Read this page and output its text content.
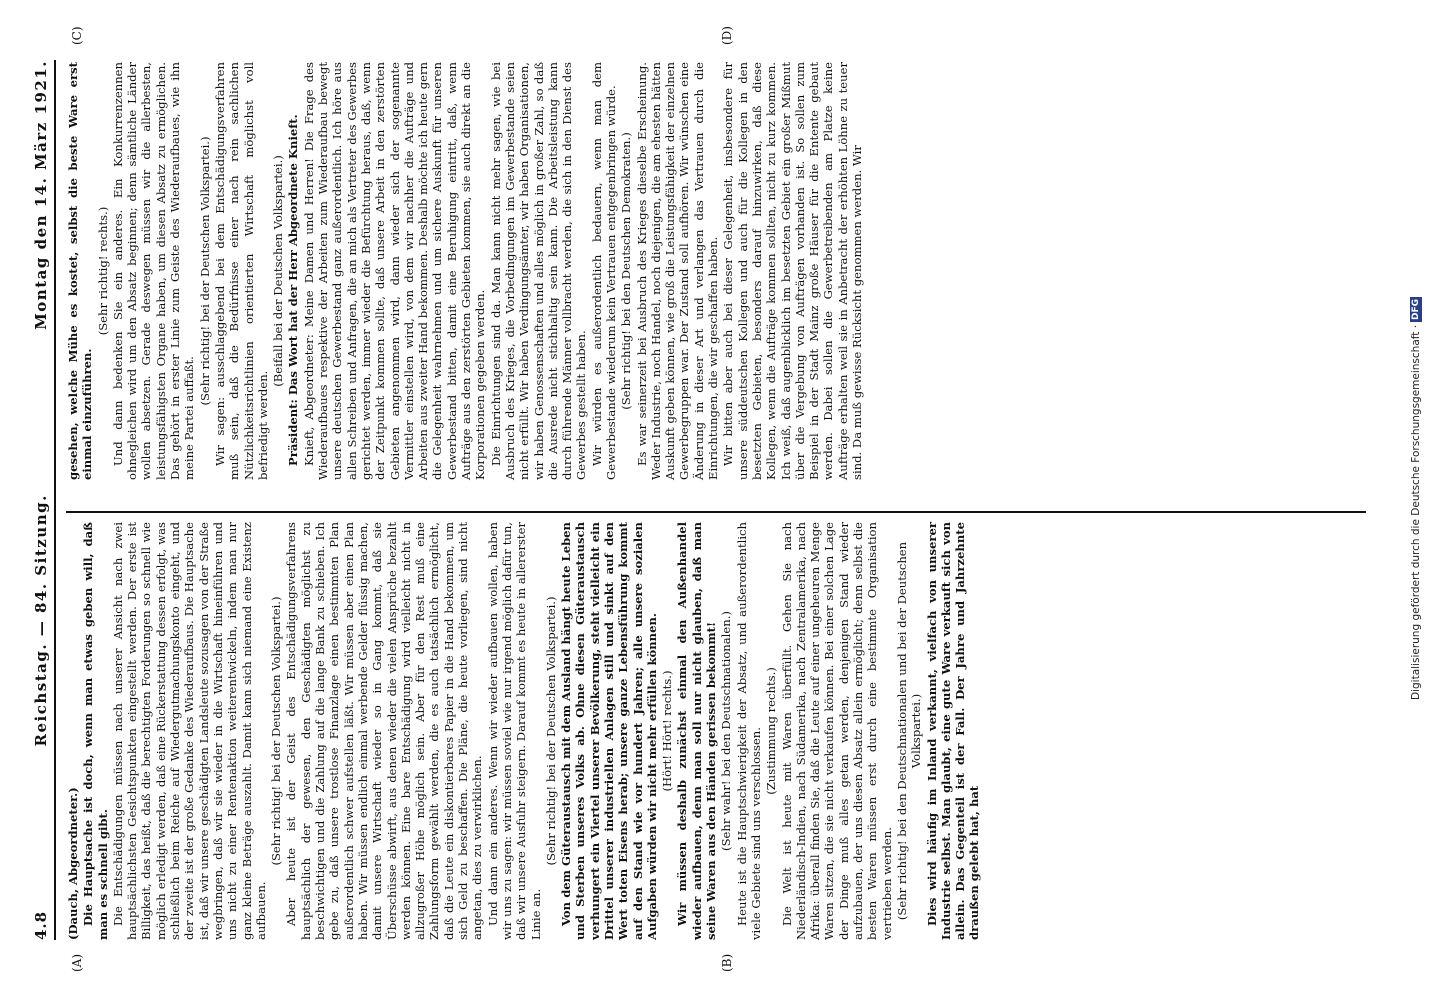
Digitalisierung gefördert durch die Deutsche Forschungsgemeinschaft · DFG
4.8
Reichstag. — 84. Sitzung.
Montag den 14. März 1921.
(A)	(B)
(C)	(D)

(Dauch, Abgeordneter.) Die Hauptsache ist doch, wenn man etwas geben will, daß man es schnell gibt. Die Entschädigungen müssen nach unserer Ansicht nach zwei hauptsächlichsten Gesichtspunkten eingestellt werden. Der erste ist Billigkeit, das heißt, daß die berechtigten Forderungen so schnell wie möglich erledigt werden, daß eine Rückerstattung dessen erfolgt, was schließlich beim Reiche auf Wiedergutmachungskonto eingeht, und der zweite ist der große Gedanke des Wiederaufbaus. Die Hauptsache ist, daß wir unsere geschädigten Landsleute sozusagen von der Straße wegbringen, daß wir sie wieder in die Wirtschaft hineinführen und uns nicht zu einer Rentenaktion weiterentwickeln, indem man nur ganz kleine Beträge auszahlt. Damit kann sich niemand eine Existenz aufbauen.

(Sehr richtig! bei der Deutschen Volkspartei.) Aber heute ist der Geist des Entschädigungsverfahrens hauptsächlich der gewesen, den Geschädigten möglichst zu beschwichtigen und die Zahlung auf die lange Bank zu schieben. Ich gebe zu, daß unsere trostlose Finanzlage einen bestimmten Plan außerordentlich schwer aufstellen läßt. Wir müssen aber einen Plan haben. Wir müssen endlich einmal werbende Gelder flüssig machen, damit unsere Wirtschaft wieder so in Gang kommt, daß sie Überschüsse abwirft, aus denen wieder die vielen Ansprüche bezahlt werden können. Eine bare Entschädigung wird vielleicht nicht in allzugroßer Höhe möglich sein. Aber für den Rest muß eine Zahlungsform gewählt werden, die es auch tatsächlich ermöglicht, daß die Leute ein diskontierbares Papier in die Hand bekommen, um sich Geld zu beschaffen. Die Pläne, die heute vorliegen, sind nicht angetan, dies zu verwirklichen. Und dann ein anderes. Wenn wir wieder aufbauen wollen, haben wir uns zu sagen: wir müssen soviel wie nur irgend möglich dafür tun, daß wir unsere Ausfuhr steigern. Darauf kommt es heute in allererster Linie an.

(Sehr richtig! bei der Deutschen Volkspartei.) Von dem Güteraustausch mit dem Ausland hängt heute Leben und Sterben unseres Volks ab. Ohne diesen Güteraustausch verhungert ein Viertel unserer Bevölkerung, steht vielleicht ein Drittel unserer industriellen Anlagen still und sinkt auf den Wert toten Eisens herab; unsere ganze Lebensführung kommt auf den Stand wie vor hundert Jahren; alle unsere sozialen Aufgaben würden wir nicht mehr erfüllen können. (Hört! Hört! rechts.) Wir müssen deshalb zunächst einmal den Außenhandel wieder aufbauen, denn man soll nur nicht glauben, daß man seine Waren aus den Händen gerissen bekommt! (Sehr wahr! bei den Deutschnationalen.) Heute ist die Hauptschwierigkeit der Absatz, und außerordentlich viele Gebiete sind uns verschlossen. (Zustimmung rechts.) Die Welt ist heute mit Waren überfüllt. Gehen Sie nach Niederländisch-Indien, nach Südamerika, nach Zentralamerika, nach Afrika: überall finden Sie, daß die Leute auf einer ungeheuren Menge Waren sitzen, die sie nicht verkaufen können. Bei einer solchen Lage der Dinge muß alles getan werden, denjenigen Stand wieder aufzubauen, der uns diesen Absatz allein ermöglicht; denn selbst die besten Waren müssen erst durch eine bestimmte Organisation vertrieben werden. (Sehr richtig! bei den Deutschnationalen und bei der Deutschen Volkspartei.) Dies wird häufig im Inland verkannt, vielfach von unserer Industrie selbst. Man glaubt, eine gute Ware verkauft sich von allein. Das Gegenteil ist der Fall. Der Jahre und Jahrzehnte draußen gelebt hat, hat

gesehen, welche Mühe es kostet, selbst die beste Ware erst einmal einzuführen.

(Sehr richtig! rechts.) Und dann bedenken Sie ein anderes. Ein Konkurrenzennen ohnegleichen wird um den Absatz beginnen; denn sämtliche Länder wollen absetzen. Gerade deswegen müssen wir die allerbesten, leistungsfähigsten Organe haben, um diesen Absatz zu ermöglichen. Das gehört in erster Linie zum Geiste des Wiederaufbaues, wie ihn meine Partei auffaßt.

(Sehr richtig! bei der Deutschen Volkspartei.) Wir sagen: ausschlaggebend bei dem Entschädigungsverfahren muß sein, daß die Bedürfnisse einer nach rein sachlichen Nützlichkeitsrichtlinien orientierten Wirtschaft möglichst voll befriedigt werden.

(Beifall bei der Deutschen Volkspartei.) Präsident: Das Wort hat der Herr Abgeordnete Knieft. Knieft, Abgeordneter: Meine Damen und Herren! Die Frage des Wiederaufbaues respektive der Arbeiten zum Wiederaufbau bewegt unsere deutschen Gewerbestand ganz außerordentlich. Ich höre aus allen Schreiben und Anfragen, die an mich als Vertreter des Gewerbes gerichtet werden, immer wieder die Befürchtung heraus, daß, wenn der Zeitpunkt kommen sollte, daß unsere Arbeit in den zerstörten Gebieten angenommen wird, dann wieder sich der sogenannte Vermittler einstellen wird, von dem wir nachher die Aufträge und Arbeiten aus zweiter Hand bekommen. Deshalb möchte ich heute gern die Gelegenheit wahrnehmen und um sichere Auskunft für unseren Gewerbestand bitten, damit eine Beruhigung eintritt, daß, wenn Aufträge aus den zerstörten Gebieten kommen, sie auch direkt an die Korporationen gegeben werden. Die Einrichtungen sind da. Man kann nicht mehr sagen, wie bei Ausbruch des Krieges, die Vorbedingungen im Gewerbestande seien nicht erfüllt. Wir haben Verdingungsämter, wir haben Organisationen, wir haben Genossenschaften und alles möglich in großer Zahl, so daß die Ausrede nicht stichhaltig sein kann. Die Arbeitsleistung kann durch führende Männer vollbracht werden, die sich in den Dienst des Gewerbes gestellt haben. Wir würden es außerordentlich bedauern, wenn man dem Gewerbestande wiederum kein Vertrauen entgegenbringen würde. (Sehr richtig! bei den Deutschen Demokraten.) Es war seinerzeit bei Ausbruch des Krieges dieselbe Erscheinung. Weder Industrie, noch Handel, noch diejenigen, die am ehesten hätten Auskunft geben können, wie groß die Leistungsfähigkeit der einzelnen Gewerbegruppen war. Der Zustand soll aufhören. Wir wünschen eine Änderung in dieser Art und verlangen das Vertrauen durch die Einrichtungen, die wir geschaffen haben. Wir bitten aber auch bei dieser Gelegenheit, insbesondere für unsere süddeutschen Kollegen und auch für die Kollegen in den besetzten Gebieten, besonders darauf hinzuwirken, daß diese Kollegen, wenn die Aufträge kommen sollten, nicht zu kurz kommen. Ich weiß, daß augenblicklich im besetzten Gebiet ein großer Mißmut über die Vergebung von Aufträgen vorhanden ist. So sollen zum Beispiel in der Stadt Mainz große Häuser für die Entente gebaut werden. Dabei sollen die Gewerbetreibenden am Platze keine Aufträge erhalten weil sie in Anbetracht der erhöhten Löhne zu teuer sind. Da muß gewisse Rücksicht genommen werden. Wir
